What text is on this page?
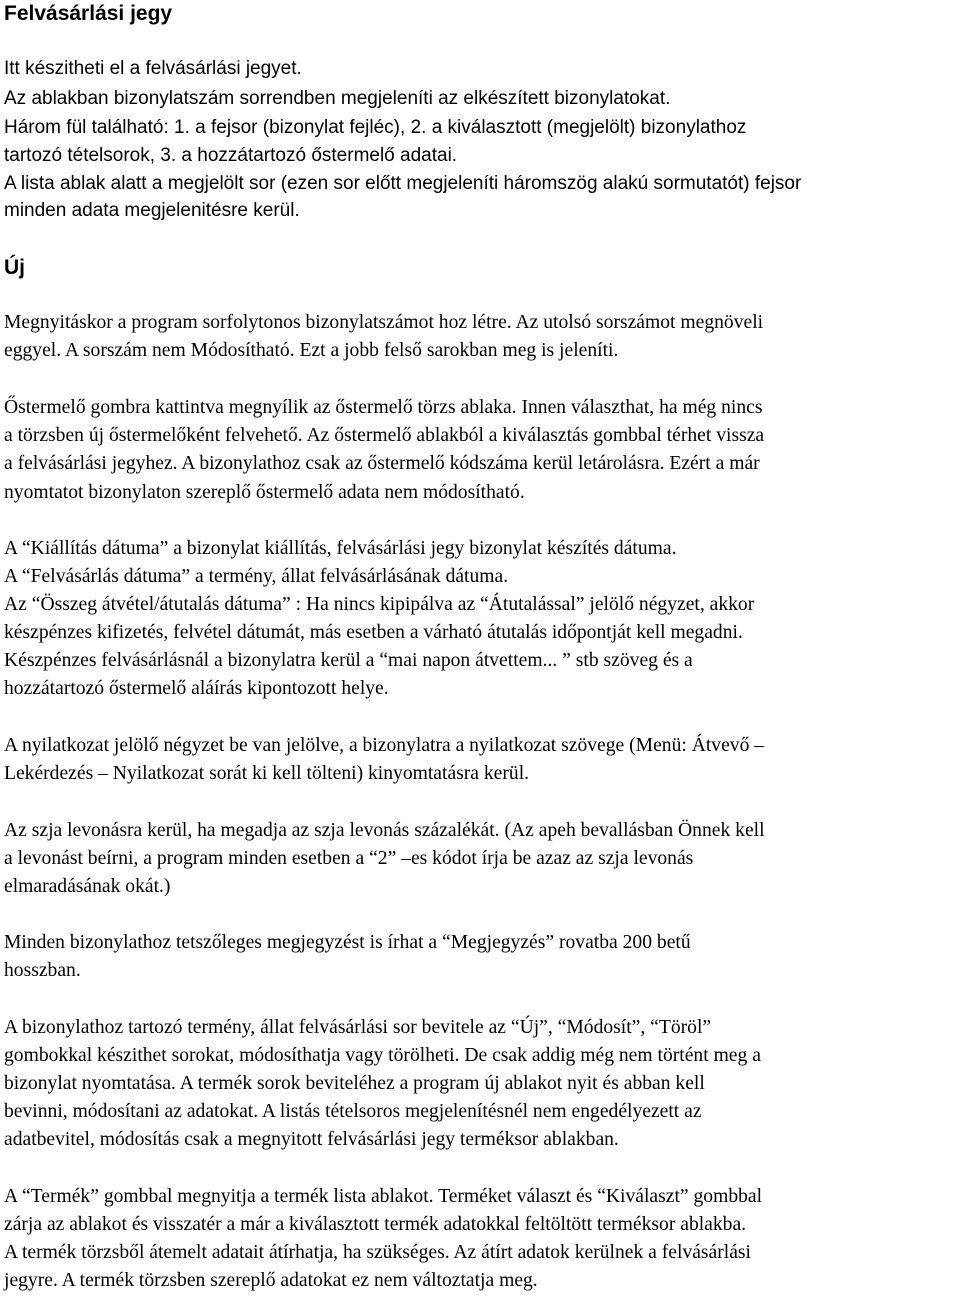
Felvásárlási jegy
Itt készitheti el a felvásárlási jegyet.
Az ablakban bizonylatszám sorrendben megjeleníti az elkészített bizonylatokat.
Három fül található: 1. a fejsor (bizonylat fejléc), 2. a kiválasztott (megjelölt) bizonylathoz
tartozó tételsorok, 3. a hozzátartozó őstermelő adatai.
A lista ablak alatt a megjelölt sor (ezen sor előtt megjeleníti háromszög alakú sormutatót) fejsor
minden adata megjelenitésre kerül.
Új
Megnyitáskor a program sorfolytonos bizonylatszámot hoz létre. Az utolsó sorszámot megnöveli
eggyel. A sorszám nem Módosítható. Ezt a jobb felső sarokban meg is jeleníti.
Őstermelő gombra kattintva megnyílik az őstermelő törzs ablaka. Innen választhat, ha még nincs
a törzsben új őstermelőként felvehető. Az őstermelő ablakból a kiválasztás gombbal térhet vissza
a felvásárlási jegyhez. A bizonylathoz csak az őstermelő kódszáma kerül letárolásra. Ezért a már
nyomtatot bizonylaton szereplő őstermelő adata nem módosítható.
A “Kiállítás dátuma” a bizonylat kiállítás, felvásárlási jegy bizonylat készítés dátuma.
A “Felvásárlás dátuma” a termény, állat felvásárlásának dátuma.
Az “Összeg átvétel/átutalás dátuma” : Ha nincs kipipálva az “Átutalással” jelölő négyzet, akkor
készpénzes kifizetés, felvétel dátumát, más esetben a várható átutalás időpontját kell megadni.
Készpénzes felvásárlásnál a bizonylatra kerül a “mai napon átvettem... ” stb szöveg és a
hozzátartozó őstermelő aláírás kipontozott helye.
A nyilatkozat jelölő négyzet be van jelölve, a bizonylatra a nyilatkozat szövege (Menü: Átvevő –
Lekérdezés – Nyilatkozat sorát ki kell tölteni) kinyomtatásra kerül.
Az szja levonásra kerül, ha megadja az szja levonás százalékát. (Az apeh bevallásban Önnek kell
a levonást beírni, a program minden esetben a “2” –es kódot írja be azaz az szja levonás
elmaradásának okát.)
Minden bizonylathoz tetszőleges megjegyzést is írhat a “Megjegyzés” rovatba 200 betű
hosszban.
A bizonylathoz tartozó termény, állat felvásárlási sor bevitele az “Új”, “Módosít”, “Töröl”
gombokkal készithet sorokat, módosíthatja vagy törölheti. De csak addig még nem történt meg a
bizonylat nyomtatása. A termék sorok beviteléhez a program új ablakot nyit és abban kell
bevinni, módosítani az adatokat. A listás tételsoros megjelenítésnél nem engedélyezett az
adatbevitel, módosítás csak a megnyitott felvásárlási jegy terméksor ablakban.
A “Termék” gombbal megnyitja a termék lista ablakot. Terméket választ és “Kiválaszt” gombbal
zárja az ablakot és visszatér a már a kiválasztott termék adatokkal feltöltött terméksor ablakba.
A termék törzsből átemelt adatait átírhatja, ha szükséges. Az átírt adatok kerülnek a felvásárlási
jegyre. A termék törzsben szereplő adatokat ez nem változtatja meg.
